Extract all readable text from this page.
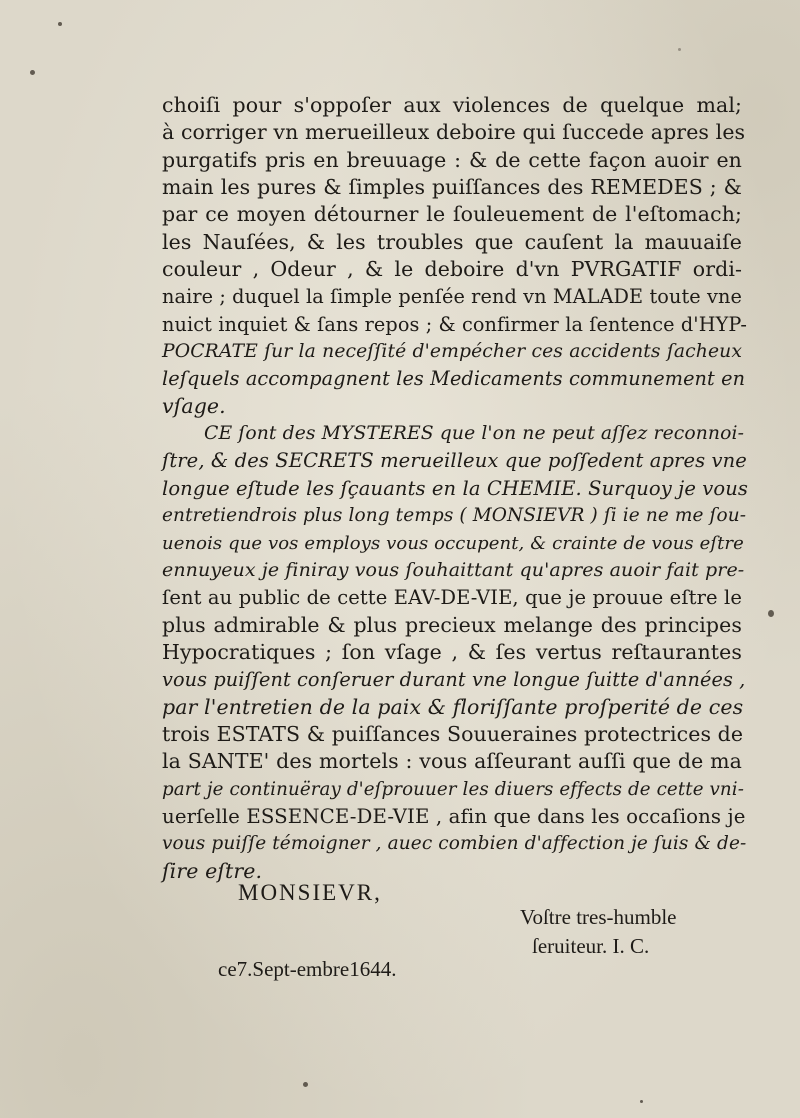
choiſi pour s'oppoſer aux violences de quelque mal;
à corriger vn merueilleux deboire qui ſuccede apres les
purgatifs pris en breuuage : & de cette façon auoir en
main les pures & ſimples puiſſances des REMEDES ; &
par ce moyen détourner le ſouleuement de l'eſtomach;
les Nauſées, & les troubles que cauſent la mauuaiſe
couleur , Odeur , & le deboire d'vn PVRGATIF ordi-
naire ; duquel la ſimple penſée rend vn MALADE toute vne
nuict inquiet & ſans repos ; & confirmer la ſentence d'HYP-
POCRATE ſur la neceſſité d'empécher ces accidents ſacheux
leſquels accompagnent les Medicaments communement en
vſage.
CE ſont des MYSTERES que l'on ne peut aſſez reconnoi-
ſtre, & des SECRETS merueilleux que poſſedent apres vne
longue eſtude les ſçauants en la CHEMIE. Surquoy je vous
entretiendrois plus long temps ( MONSIEVR ) ſi ie ne me ſou-
uenois que vos employs vous occupent, & crainte de vous eſtre
ennuyeux je finiray vous ſouhaittant qu'apres auoir fait pre-
ſent au public de cette EAV-DE-VIE, que je prouue eſtre le
plus admirable & plus precieux melange des principes
Hypocratiques ; ſon vſage , & ſes vertus reſtaurantes
vous puiſſent conſeruer durant vne longue ſuitte d'années ,
par l'entretien de la paix & floriſſante proſperité de ces
trois ESTATS & puiſſances Souueraines protectrices de
la SANTE' des mortels : vous aſſeurant auſſi que de ma
part je continuëray d'eſprouuer les diuers effects de cette vni-
uerſelle ESSENCE-DE-VIE , afin que dans les occaſions je
vous puiſſe témoigner , auec combien d'affection je ſuis & de-
ſire eſtre.
MONSIEVR,
Voſtre tres-humble
ſeruiteur. I. C.
ce7.Sept-embre1644.
